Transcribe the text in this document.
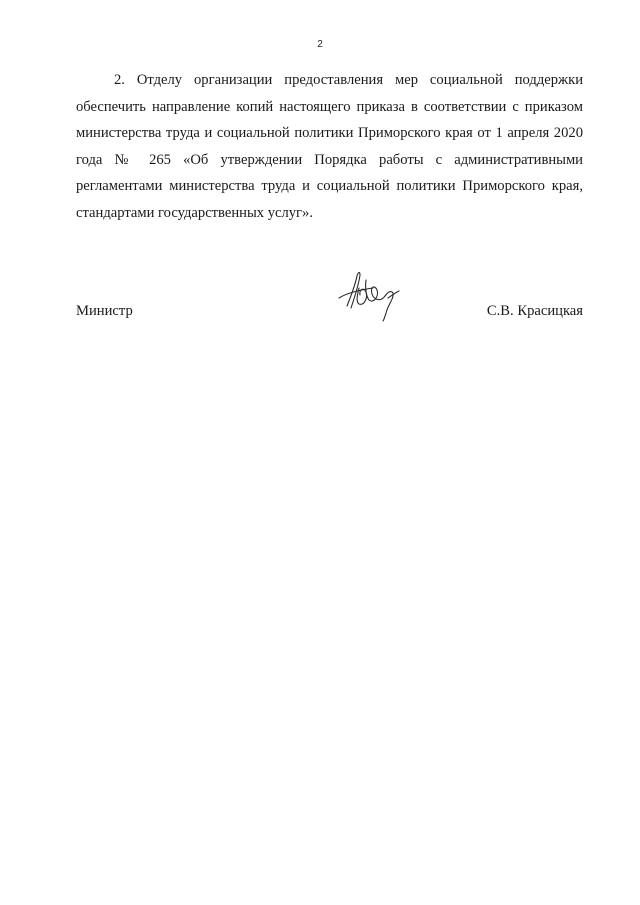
2

2. Отделу организации предоставления мер социальной поддержки обеспечить направление копий настоящего приказа в соответствии с приказом министерства труда и социальной политики Приморского края от 1 апреля 2020 года № 265 «Об утверждении Порядка работы с административными регламентами министерства труда и социальной политики Приморского края, стандартами государственных услуг».

Министр	С.В. Красицкая
